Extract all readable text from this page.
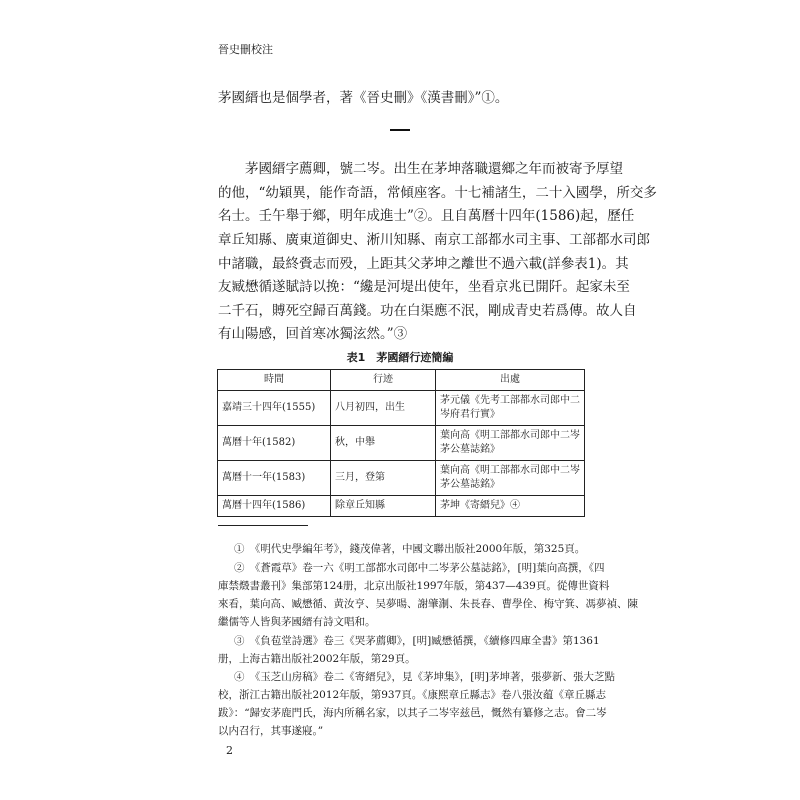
晉史刪校注
茅國縉也是個學者，著《晉史刪》《漢書刪》”①。
茅國縉字薦卿，號二岑。出生在茅坤落職還鄉之年而被寄予厚望
的他，“幼穎異，能作奇語，常傾座客。十七補諸生，二十入國學，所交多
名士。壬午舉于鄉，明年成進士”②。且自萬曆十四年(1586)起，歷任
章丘知縣、廣東道御史、淅川知縣、南京工部都水司主事、工部都水司郎
中諸職，最終賫志而殁，上距其父茅坤之離世不過六載(詳參表1)。其
友臧懋循遂賦詩以挽：“纔是河堤出使年，坐看京兆已開阡。起家未至
二千石，賻死空歸百萬錢。功在白渠應不泯，剛成青史若爲傳。故人自
有山陽感，回首寒冰獨泫然。”③
表1　茅國縉行迹簡編
時間	行迹	出處
嘉靖三十四年(1555)	八月初四，出生	茅元儀《先考工部都水司郎中二岑府君行實》
萬曆十年(1582)	秋，中舉	葉向高《明工部都水司郎中二岑茅公墓誌銘》
萬曆十一年(1583)	三月，登第	葉向高《明工部都水司郎中二岑茅公墓誌銘》
萬曆十四年(1586)	除章丘知縣	茅坤《寄縉兒》④
①　《明代史學編年考》，錢茂偉著，中國文聯出版社2000年版，第325頁。
②　《蒼霞草》卷一六《明工部都水司郎中二岑茅公墓誌銘》，[明]葉向高撰，《四
庫禁燬書叢刊》集部第124册，北京出版社1997年版，第437—439頁。從傳世資料
來看，葉向高、臧懋循、黄汝亨、吴夢暘、謝肇淛、朱長春、曹學佺、梅守箕、馮夢禎、陳
繼儒等人皆與茅國縉有詩文唱和。
③　《負苞堂詩選》卷三《哭茅薦卿》，[明]臧懋循撰，《續修四庫全書》第1361
册，上海古籍出版社2002年版，第29頁。
④　《玉芝山房稿》卷二《寄縉兒》，見《茅坤集》，[明]茅坤著，張夢新、張大芝點
校，浙江古籍出版社2012年版，第937頁。《康熙章丘縣志》卷八張汝蕴《章丘縣志
跋》：“歸安茅鹿門氏，海内所稱名家，以其子二岑宰兹邑，慨然有纂修之志。會二岑
以内召行，其事遂寢。”
2
